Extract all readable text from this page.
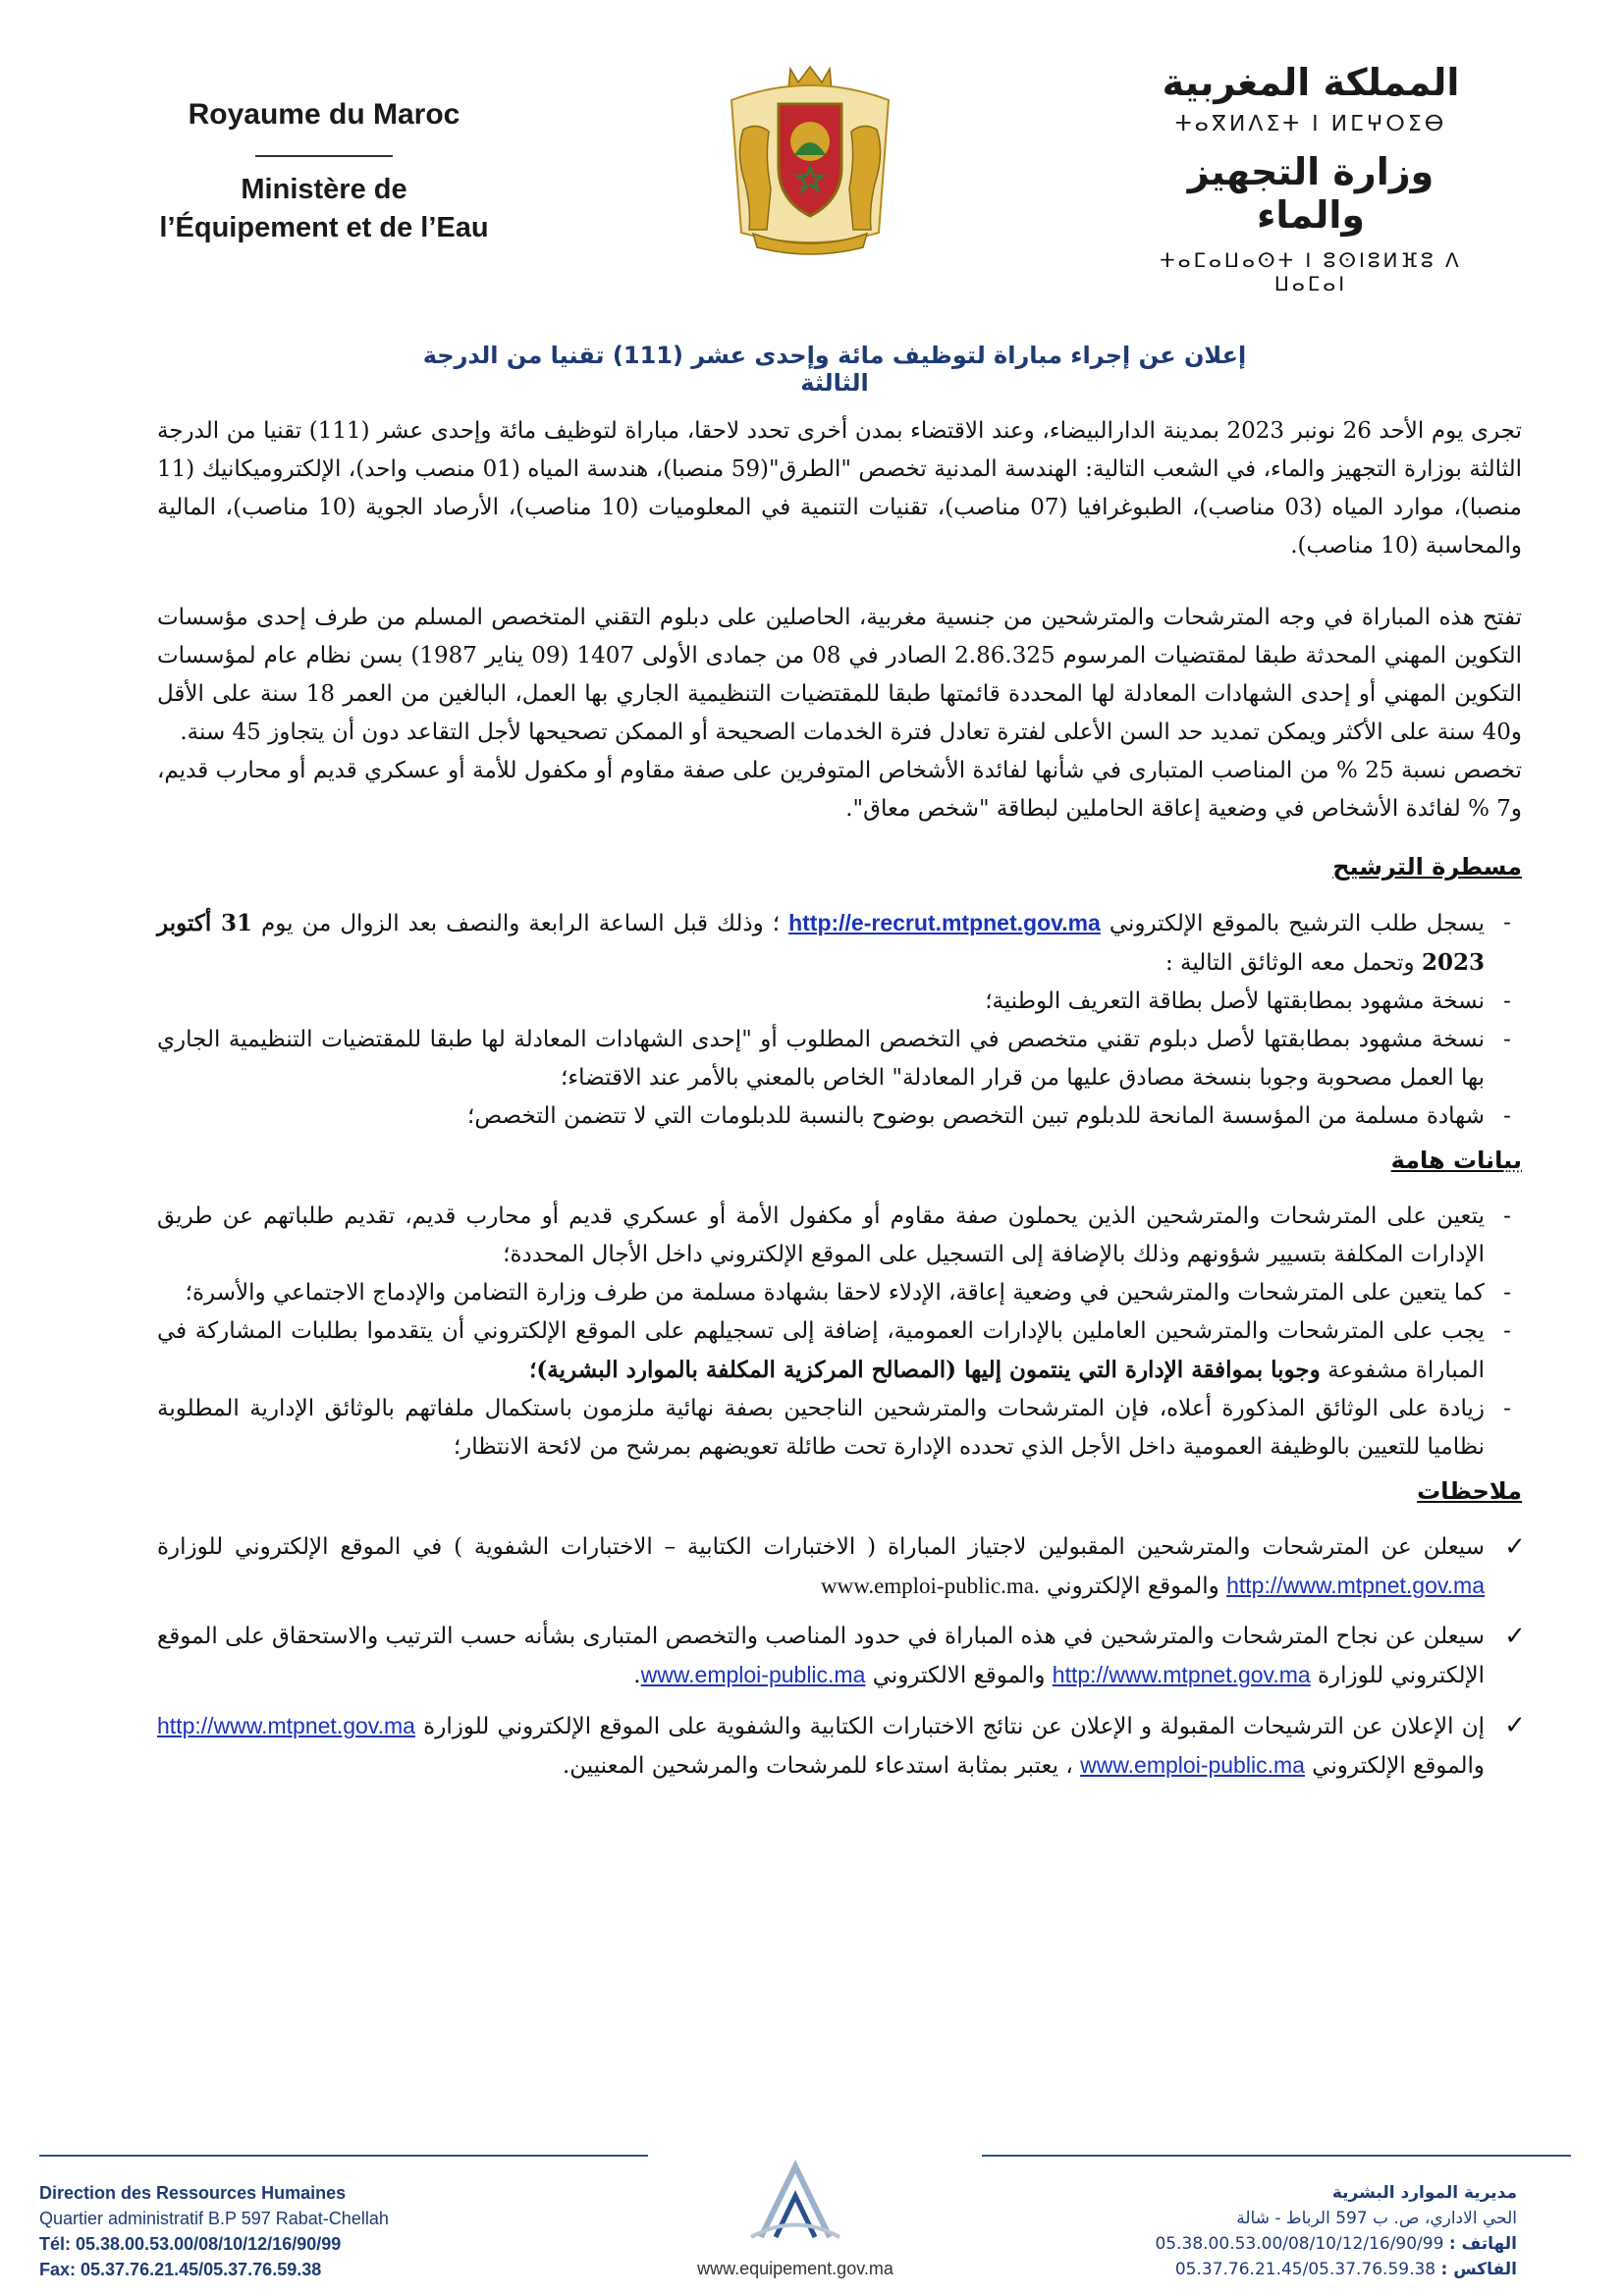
Royaume du Maroc
Ministère de
l’Équipement et de l’Eau
المملكة المغربية
ⵜⴰⴳⵍⴷⵉⵜ ⵏ ⵍⵎⵖⵔⵉⴱ
وزارة التجهيز والماء
ⵜⴰⵎⴰⵡⴰⵙⵜ ⵏ ⵓⵙⵏⵓⵍⴼⵓ ⴷ ⵡⴰⵎⴰⵏ
إعلان عن إجراء مباراة لتوظيف مائة وإحدى عشر (111) تقنيا من الدرجة الثالثة

تجرى يوم الأحد 26 نونبر 2023 بمدينة الدارالبيضاء، وعند الاقتضاء بمدن أخرى تحدد لاحقا، مباراة لتوظيف مائة وإحدى عشر (111) تقنيا من الدرجة الثالثة بوزارة التجهيز والماء، في الشعب التالية: الهندسة المدنية تخصص "الطرق"(59 منصبا)، هندسة المياه (01 منصب واحد)، الإلكتروميكانيك (11 منصبا)، موارد المياه (03 مناصب)، الطبوغرافيا (07 مناصب)، تقنيات التنمية في المعلوميات (10 مناصب)، الأرصاد الجوية (10 مناصب)، المالية والمحاسبة (10 مناصب).

تفتح هذه المباراة في وجه المترشحات والمترشحين من جنسية مغربية، الحاصلين على دبلوم التقني المتخصص المسلم من طرف إحدى مؤسسات التكوين المهني المحدثة طبقا لمقتضيات المرسوم 2.86.325 الصادر في 08 من جمادى الأولى 1407 (09 يناير 1987) بسن نظام عام لمؤسسات التكوين المهني أو إحدى الشهادات المعادلة لها المحددة قائمتها طبقا للمقتضيات التنظيمية الجاري بها العمل، البالغين من العمر 18 سنة على الأقل و40 سنة على الأكثر ويمكن تمديد حد السن الأعلى لفترة تعادل فترة الخدمات الصحيحة أو الممكن تصحيحها لأجل التقاعد دون أن يتجاوز 45 سنة.

تخصص نسبة 25 % من المناصب المتبارى في شأنها لفائدة الأشخاص المتوفرين على صفة مقاوم أو مكفول للأمة أو عسكري قديم أو محارب قديم، و7 % لفائدة الأشخاص في وضعية إعاقة الحاملين لبطاقة "شخص معاق".

مسطرة الترشيح
-
يسجل طلب الترشيح بالموقع الإلكتروني http://e-recrut.mtpnet.gov.ma ؛ وذلك قبل الساعة الرابعة والنصف بعد الزوال من يوم 31 أكتوبر 2023 وتحمل معه الوثائق التالية :
-
نسخة مشهود بمطابقتها لأصل بطاقة التعريف الوطنية؛
-
نسخة مشهود بمطابقتها لأصل دبلوم تقني متخصص في التخصص المطلوب أو "إحدى الشهادات المعادلة لها طبقا للمقتضيات التنظيمية الجاري بها العمل مصحوبة وجوبا بنسخة مصادق عليها من قرار المعادلة" الخاص بالمعني بالأمر عند الاقتضاء؛
-
شهادة مسلمة من المؤسسة المانحة للدبلوم تبين التخصص بوضوح بالنسبة للدبلومات التي لا تتضمن التخصص؛
بيانات هامة
-
يتعين على المترشحات والمترشحين الذين يحملون صفة مقاوم أو مكفول الأمة أو عسكري قديم أو محارب قديم، تقديم طلباتهم عن طريق الإدارات المكلفة بتسيير شؤونهم وذلك بالإضافة إلى التسجيل على الموقع الإلكتروني داخل الأجال المحددة؛
-
كما يتعين على المترشحات والمترشحين في وضعية إعاقة، الإدلاء لاحقا بشهادة مسلمة من طرف وزارة التضامن والإدماج الاجتماعي والأسرة؛
-
يجب على المترشحات والمترشحين العاملين بالإدارات العمومية، إضافة إلى تسجيلهم على الموقع الإلكتروني أن يتقدموا بطلبات المشاركة في المباراة مشفوعة وجوبا بموافقة الإدارة التي ينتمون إليها (المصالح المركزية المكلفة بالموارد البشرية)؛
-
زيادة على الوثائق المذكورة أعلاه، فإن المترشحات والمترشحين الناجحين بصفة نهائية ملزمون باستكمال ملفاتهم بالوثائق الإدارية المطلوبة نظاميا للتعيين بالوظيفة العمومية داخل الأجل الذي تحدده الإدارة تحت طائلة تعويضهم بمرشح من لائحة الانتظار؛
ملاحظات
✓
سيعلن عن المترشحات والمترشحين المقبولين لاجتياز المباراة ( الاختبارات الكتابية – الاختبارات الشفوية ) في الموقع الإلكتروني للوزارة http://www.mtpnet.gov.ma والموقع الإلكتروني www.emploi-public.ma.
✓
سيعلن عن نجاح المترشحات والمترشحين في هذه المباراة في حدود المناصب والتخصص المتبارى بشأنه حسب الترتيب والاستحقاق على الموقع الإلكتروني للوزارة http://www.mtpnet.gov.ma والموقع الالكتروني www.emploi-public.ma.
✓
إن الإعلان عن الترشيحات المقبولة و الإعلان عن نتائج الاختبارات الكتابية والشفوية على الموقع الإلكتروني للوزارة http://www.mtpnet.gov.ma والموقع الإلكتروني www.emploi-public.ma ، يعتبر بمثابة استدعاء للمرشحات والمرشحين المعنيين.
Direction des Ressources Humaines
Quartier administratif B.P 597 Rabat-Chellah
Tél: 05.38.00.53.00/08/10/12/16/90/99
Fax: 05.37.76.21.45/05.37.76.59.38	www.equipement.gov.ma
مديرية الموارد البشرية
الحي الاداري، ص. ب 597 الرباط - شالة
الهاتف : 05.38.00.53.00/08/10/12/16/90/99
الفاكس : 05.37.76.21.45/05.37.76.59.38
